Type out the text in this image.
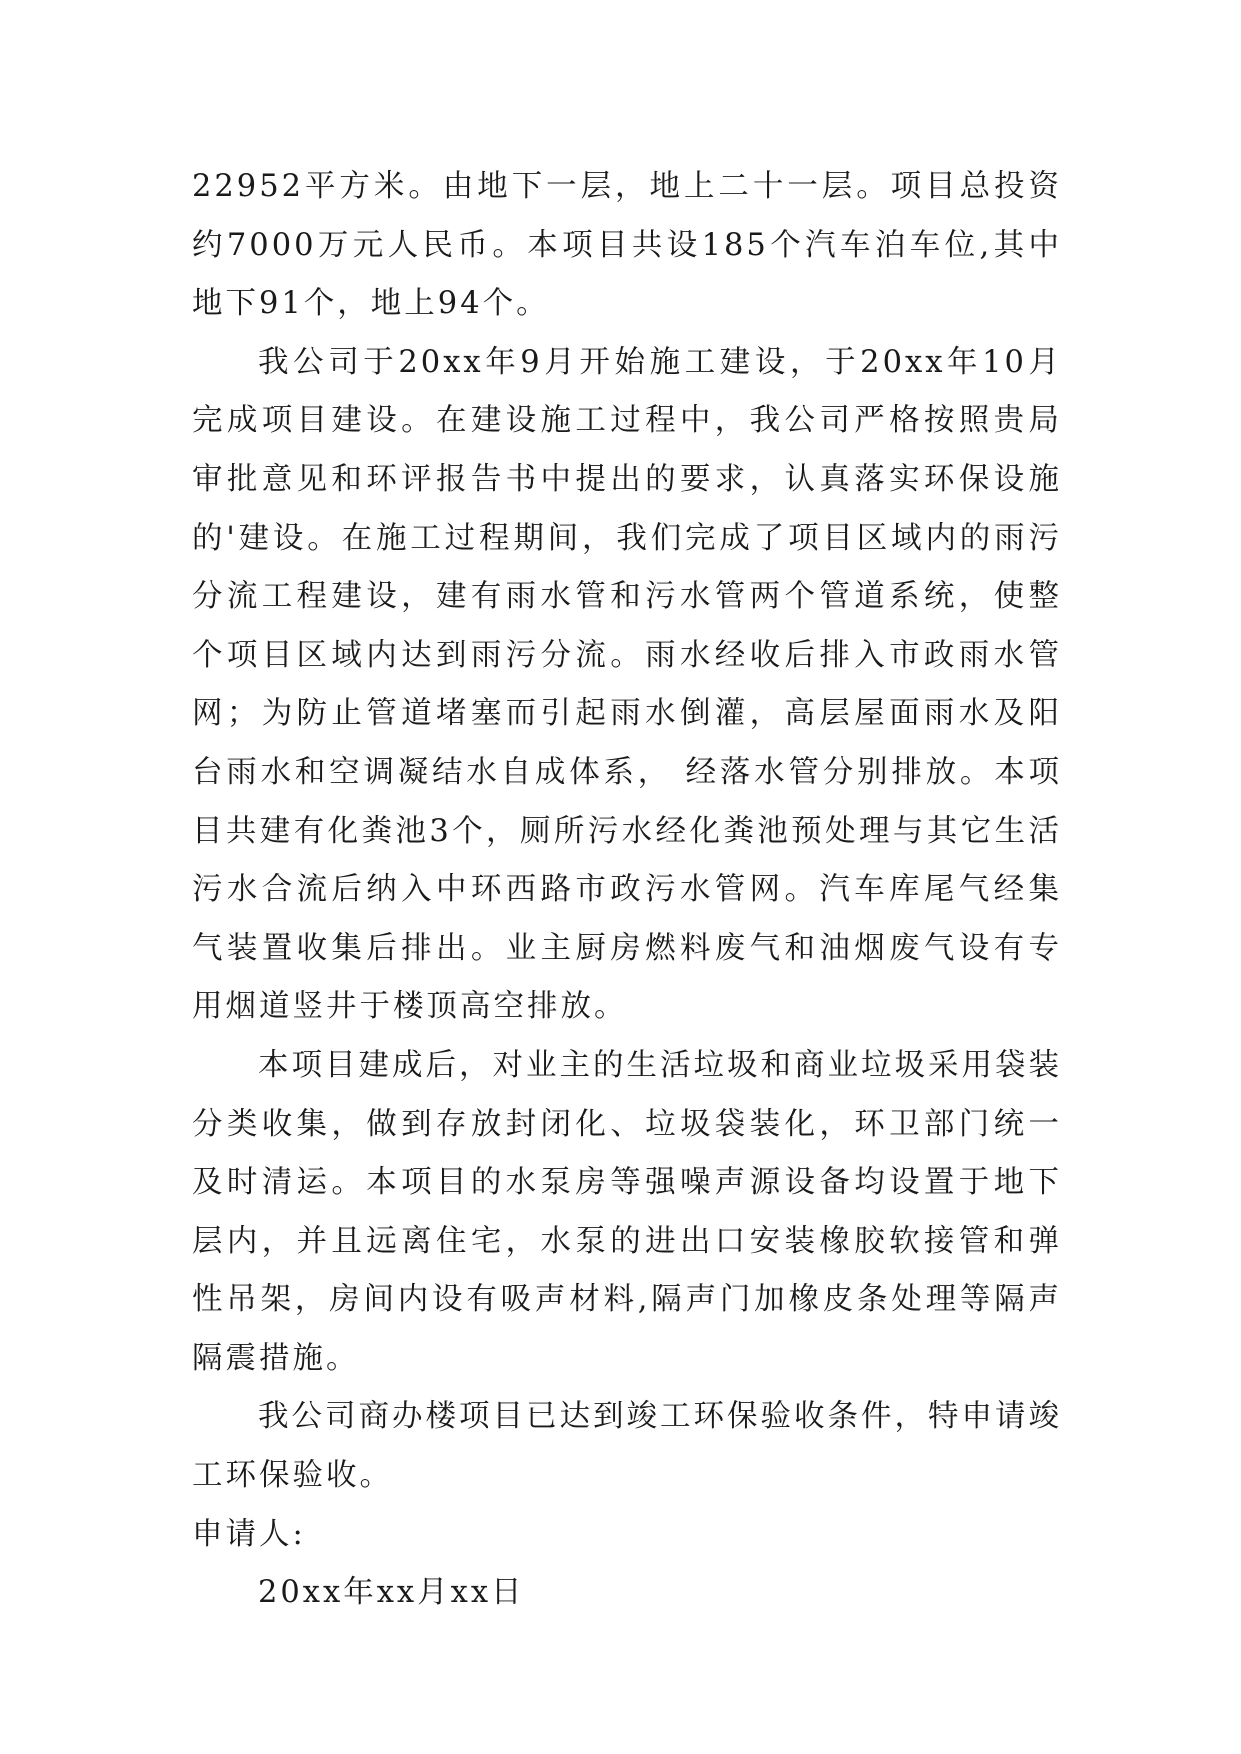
22952平方米。由地下一层，地上二十一层。项目总投资约7000万元人民币。本项目共设185个汽车泊车位,其中地下91个，地上94个。

我公司于20xx年9月开始施工建设，于20xx年10月完成项目建设。在建设施工过程中，我公司严格按照贵局审批意见和环评报告书中提出的要求，认真落实环保设施的'建设。在施工过程期间，我们完成了项目区域内的雨污分流工程建设，建有雨水管和污水管两个管道系统，使整个项目区域内达到雨污分流。雨水经收后排入市政雨水管网；为防止管道堵塞而引起雨水倒灌，高层屋面雨水及阳台雨水和空调凝结水自成体系， 经落水管分别排放。本项目共建有化粪池3个，厕所污水经化粪池预处理与其它生活污水合流后纳入中环西路市政污水管网。汽车库尾气经集气装置收集后排出。业主厨房燃料废气和油烟废气设有专用烟道竖井于楼顶高空排放。

本项目建成后，对业主的生活垃圾和商业垃圾采用袋装分类收集，做到存放封闭化、垃圾袋装化，环卫部门统一及时清运。本项目的水泵房等强噪声源设备均设置于地下层内，并且远离住宅，水泵的进出口安装橡胶软接管和弹性吊架，房间内设有吸声材料,隔声门加橡皮条处理等隔声隔震措施。

我公司商办楼项目已达到竣工环保验收条件，特申请竣工环保验收。

申请人:

20xx年xx月xx日
